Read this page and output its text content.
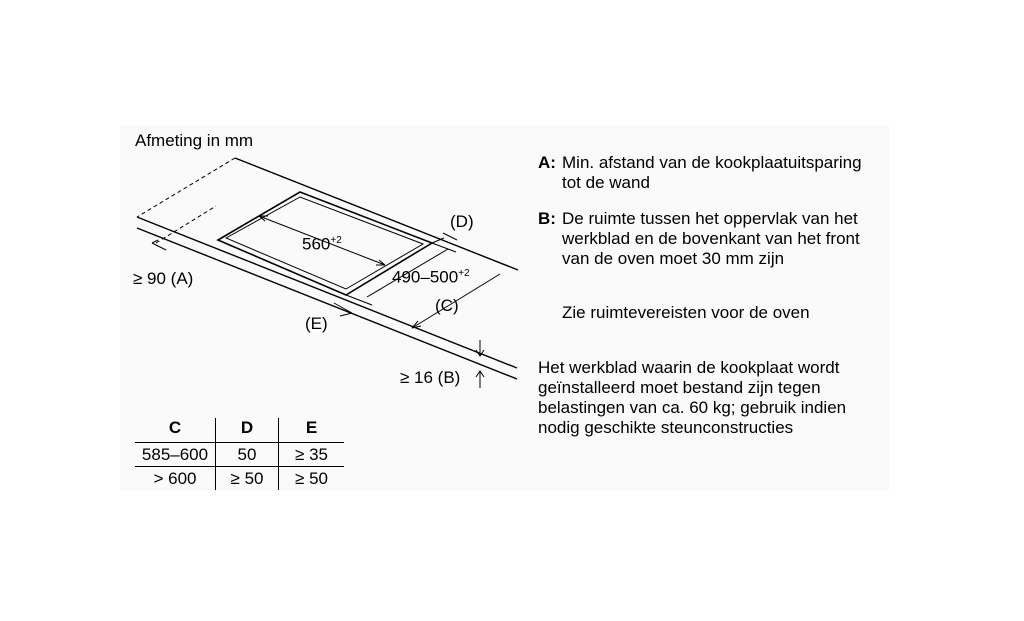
Afmeting in mm
$560^{+2}$
$490-500^{+2}$
≥ 90 (A)
≥ 16 (B)
(C)
(D)
(E)
C	D	E
585–600	50	≥ 35
> 600	≥ 50	≥ 50
A: Min. afstand van de kookplaatuitsparing
tot de wand
B: De ruimte tussen het oppervlak van het
werkblad en de bovenkant van het front
van de oven moet 30 mm zijn
Zie ruimtevereisten voor de oven
Het werkblad waarin de kookplaat wordt
geïnstalleerd moet bestand zijn tegen
belastingen van ca. 60 kg; gebruik indien
nodig geschikte steunconstructies
